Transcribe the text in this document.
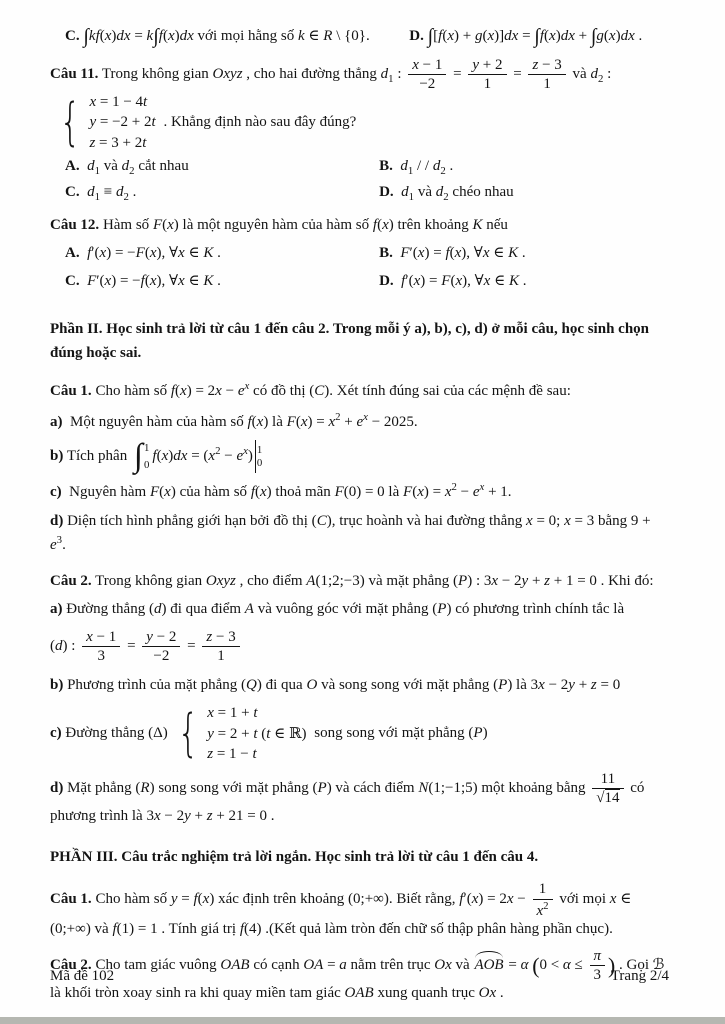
C. ∫kf(x)dx = k∫f(x)dx với mọi hằng số k ∈ R \ {0}.	D. ∫[f(x) + g(x)]dx = ∫f(x)dx + ∫g(x)dx .

Câu 11. Trong không gian Oxyz , cho hai đường thẳng $d_1$ : $\frac{x - 1}{-2} = \frac{y + 2}{1} = \frac{z - 3}{1}$ và $d_2$ :
{ x = 1 − 4t
y = −2 + 2t
z = 3 + 2t
. Khẳng định nào sau đây đúng?

A. $d_1$ và $d_2$ cắt nhau	B. $d_1$ / / $d_2$ .
C. $d_1 \equiv d_2$ .	D. $d_1$ và $d_2$ chéo nhau

Câu 12. Hàm số F(x) là một nguyên hàm của hàm số f(x) trên khoảng K nếu

A. f′(x) = −F(x), ∀x ∈ K .	B. F′(x) = f(x), ∀x ∈ K .
C. F′(x) = −f(x), ∀x ∈ K .	D. f′(x) = F(x), ∀x ∈ K .

Phần II. Học sinh trả lời từ câu 1 đến câu 2. Trong mỗi ý a), b), c), d) ở mỗi câu, học sinh chọn đúng hoặc sai.

Câu 1. Cho hàm số $f(x) = 2x - e^x$ có đồ thị (C). Xét tính đúng sai của các mệnh đề sau:

a)  Một nguyên hàm của hàm số f(x) là $F(x) = x^2 + e^x - 2025$.

b) Tích phân ∫ 1
0
$f(x)dx = (x^2 - e^x)$ 1
0

c)  Nguyên hàm F(x) của hàm số f(x) thoả mãn F(0) = 0 là $F(x) = x^2 - e^x + 1$.

d) Diện tích hình phẳng giới hạn bởi đồ thị (C), trục hoành và hai đường thẳng x = 0; x = 3 bằng $9 + e^3$.

Câu 2. Trong không gian Oxyz , cho điểm A(1;2;−3) và mặt phẳng (P) : 3x − 2y + z + 1 = 0 . Khi đó:

a) Đường thẳng (d) đi qua điểm A và vuông góc với mặt phẳng (P) có phương trình chính tắc là

(d) : $\frac{x - 1}{3} = \frac{y - 2}{-2} = \frac{z - 3}{1}$

b) Phương trình của mặt phẳng (Q) đi qua O và song song với mặt phẳng (P) là 3x − 2y + z = 0

c) Đường thẳng (Δ) { x = 1 + t
y = 2 + t (t ∈ ℝ)
z = 1 − t
song song với mặt phẳng (P)

d) Mặt phẳng (R) song song với mặt phẳng (P) và cách điểm N(1;−1;5) một khoảng bằng $\frac{11}{√14}$ có phương trình là 3x − 2y + z + 21 = 0 .

PHẦN III. Câu trắc nghiệm trả lời ngắn. Học sinh trả lời từ câu 1 đến câu 4.

Câu 1. Cho hàm số y = f(x) xác định trên khoảng (0;+∞). Biết rằng, $f'(x) = 2x - \frac{1}{x^2}$ với mọi x ∈ (0;+∞) và f(1) = 1 . Tính giá trị f(4) .(Kết quả làm tròn đến chữ số thập phân hàng phần chục).

Câu 2. Cho tam giác vuông OAB có cạnh OA = a nằm trên trục Ox và AOB = α ($0 < \alpha \le \frac{\pi}{3}$ ) . Gọi ℬ là khối tròn xoay sinh ra khi quay miền tam giác OAB xung quanh trục Ox .

Mã đề 102	Trang 2/4
